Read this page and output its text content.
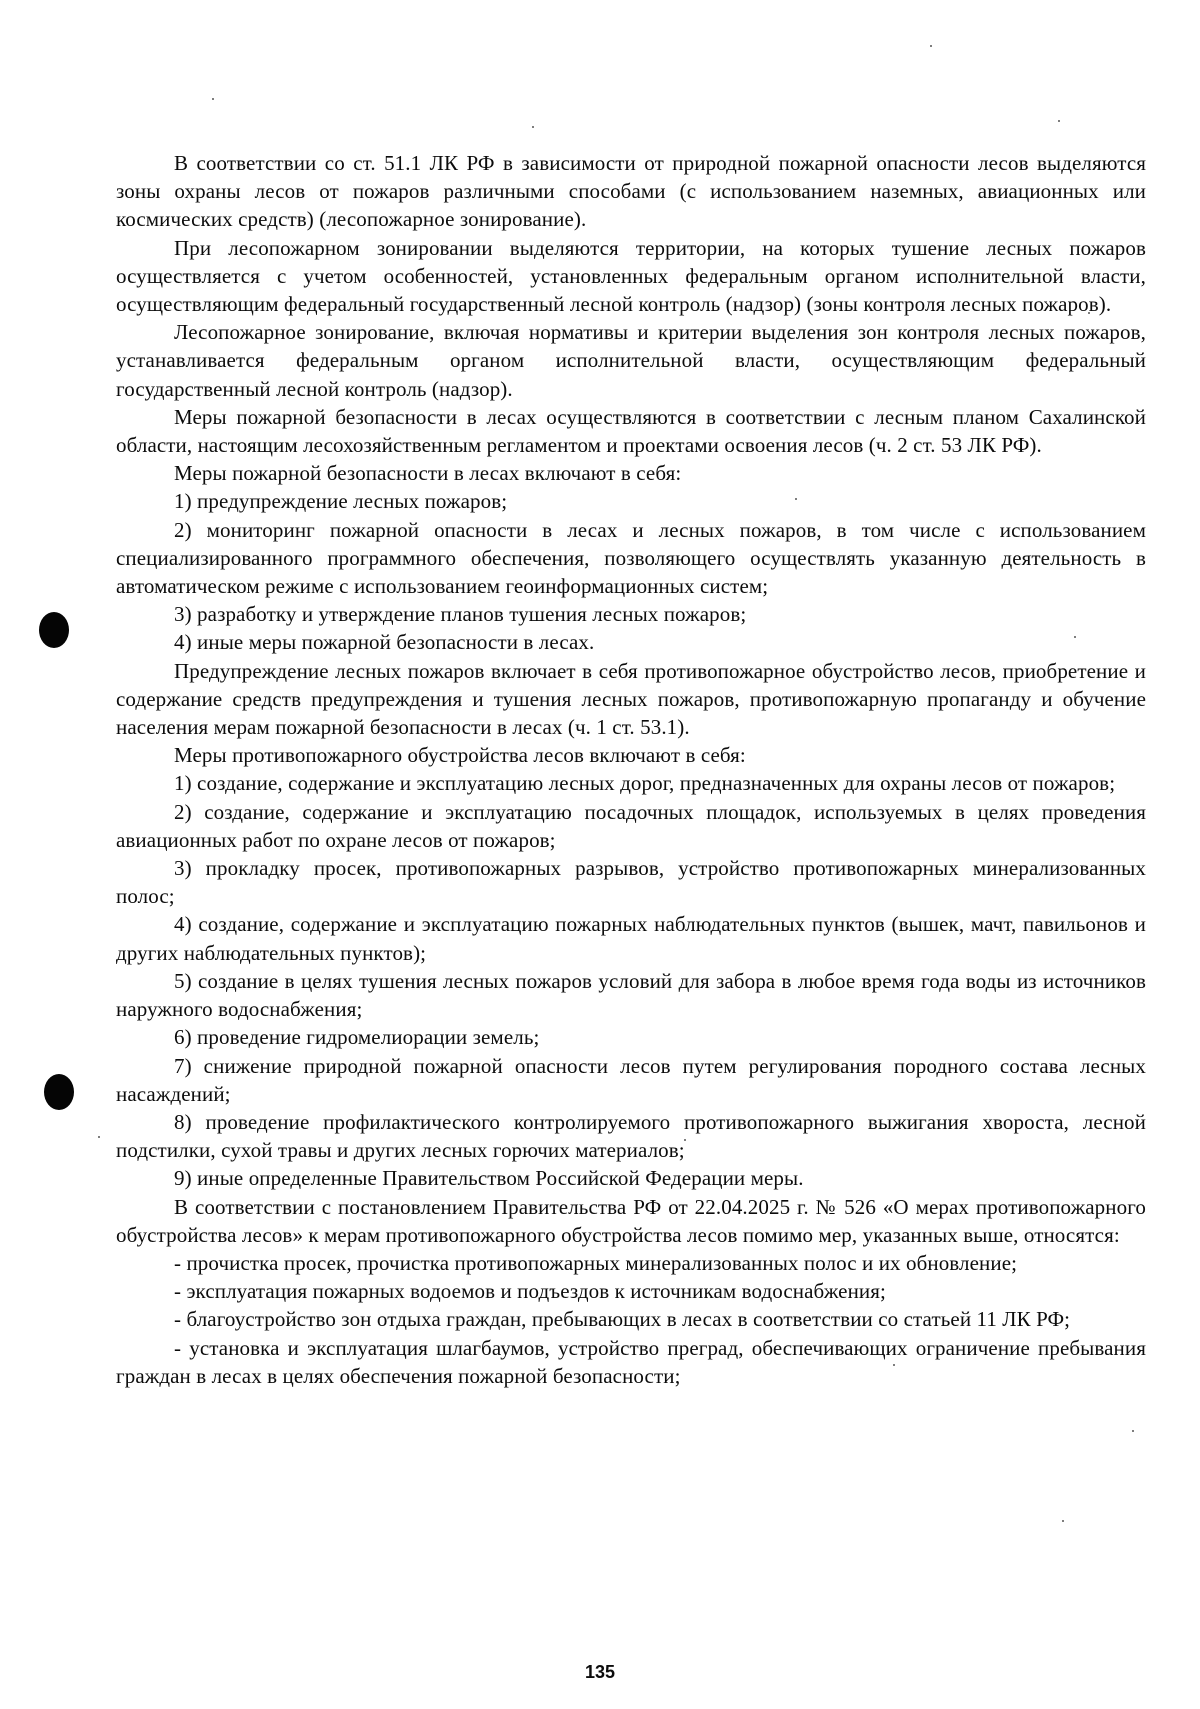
В соответствии со ст. 51.1 ЛК РФ в зависимости от природной пожарной опасности лесов выделяются зоны охраны лесов от пожаров различными способами (с использованием наземных, авиационных или космических средств) (лесопожарное зонирование).

При лесопожарном зонировании выделяются территории, на которых тушение лесных пожаров осуществляется с учетом особенностей, установленных федеральным органом исполнительной власти, осуществляющим федеральный государственный лесной контроль (надзор) (зоны контроля лесных пожаров).

Лесопожарное зонирование, включая нормативы и критерии выделения зон контроля лесных пожаров, устанавливается федеральным органом исполнительной власти, осуществляющим федеральный государственный лесной контроль (надзор).

Меры пожарной безопасности в лесах осуществляются в соответствии с лесным планом Сахалинской области, настоящим лесохозяйственным регламентом и проектами освоения лесов (ч. 2 ст. 53 ЛК РФ).

Меры пожарной безопасности в лесах включают в себя:

1) предупреждение лесных пожаров;

2) мониторинг пожарной опасности в лесах и лесных пожаров, в том числе с использованием специализированного программного обеспечения, позволяющего осуществлять указанную деятельность в автоматическом режиме с использованием геоинформационных систем;

3) разработку и утверждение планов тушения лесных пожаров;

4) иные меры пожарной безопасности в лесах.

Предупреждение лесных пожаров включает в себя противопожарное обустройство лесов, приобретение и содержание средств предупреждения и тушения лесных пожаров, противопожарную пропаганду и обучение населения мерам пожарной безопасности в лесах (ч. 1 ст. 53.1).

Меры противопожарного обустройства лесов включают в себя:

1) создание, содержание и эксплуатацию лесных дорог, предназначенных для охраны лесов от пожаров;

2) создание, содержание и эксплуатацию посадочных площадок, используемых в целях проведения авиационных работ по охране лесов от пожаров;

3) прокладку просек, противопожарных разрывов, устройство противопожарных минерализованных полос;

4) создание, содержание и эксплуатацию пожарных наблюдательных пунктов (вышек, мачт, павильонов и других наблюдательных пунктов);

5) создание в целях тушения лесных пожаров условий для забора в любое время года воды из источников наружного водоснабжения;

6) проведение гидромелиорации земель;

7) снижение природной пожарной опасности лесов путем регулирования породного состава лесных насаждений;

8) проведение профилактического контролируемого противопожарного выжигания хвороста, лесной подстилки, сухой травы и других лесных горючих материалов;

9) иные определенные Правительством Российской Федерации меры.

В соответствии с постановлением Правительства РФ от 22.04.2025 г. № 526 «О мерах противопожарного обустройства лесов» к мерам противопожарного обустройства лесов помимо мер, указанных выше, относятся:

- прочистка просек, прочистка противопожарных минерализованных полос и их обновление;

- эксплуатация пожарных водоемов и подъездов к источникам водоснабжения;

- благоустройство зон отдыха граждан, пребывающих в лесах в соответствии со статьей 11 ЛК РФ;

- установка и эксплуатация шлагбаумов, устройство преград, обеспечивающих ограничение пребывания граждан в лесах в целях обеспечения пожарной безопасности;

135
